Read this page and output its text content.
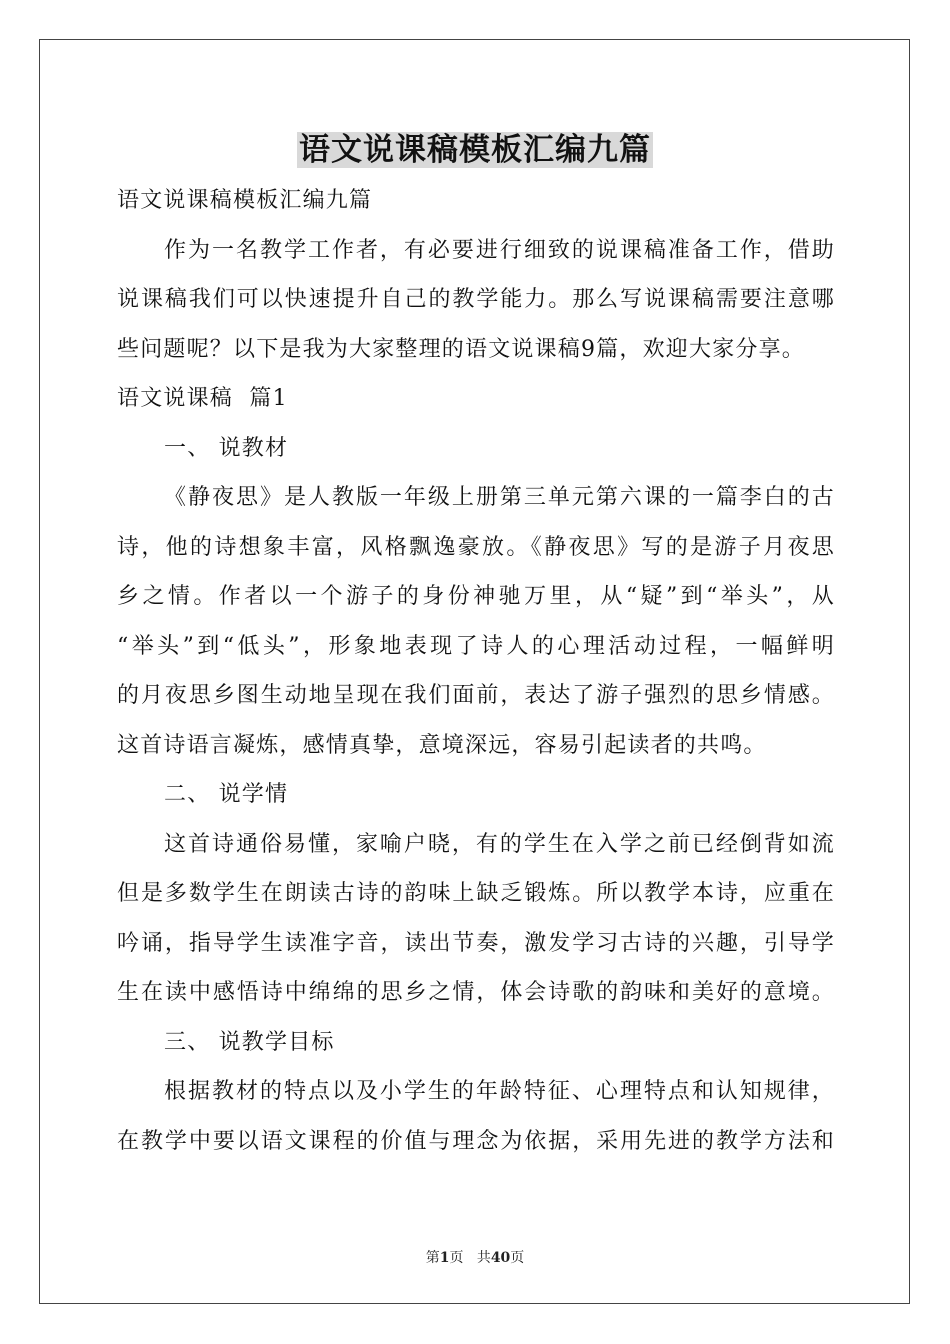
语文说课稿模板汇编九篇
语文说课稿模板汇编九篇
作为一名教学工作者，有必要进行细致的说课稿准备工作，借助
说课稿我们可以快速提升自己的教学能力。那么写说课稿需要注意哪
些问题呢？以下是我为大家整理的语文说课稿9篇，欢迎大家分享。
语文说课稿  篇1
一、 说教材
《静夜思》是人教版一年级上册第三单元第六课的一篇李白的古
诗，他的诗想象丰富，风格飘逸豪放。《静夜思》写的是游子月夜思
乡之情。作者以一个游子的身份神驰万里，从“疑”到“举头”，从
“举头”到“低头”，形象地表现了诗人的心理活动过程，一幅鲜明
的月夜思乡图生动地呈现在我们面前，表达了游子强烈的思乡情感。
这首诗语言凝炼，感情真挚，意境深远，容易引起读者的共鸣。
二、 说学情
这首诗通俗易懂，家喻户晓，有的学生在入学之前已经倒背如流
但是多数学生在朗读古诗的韵味上缺乏锻炼。所以教学本诗，应重在
吟诵，指导学生读准字音，读出节奏，激发学习古诗的兴趣，引导学
生在读中感悟诗中绵绵的思乡之情，体会诗歌的韵味和美好的意境。
三、 说教学目标
根据教材的特点以及小学生的年龄特征、心理特点和认知规律，
在教学中要以语文课程的价值与理念为依据，采用先进的教学方法和
第1页 共40页
